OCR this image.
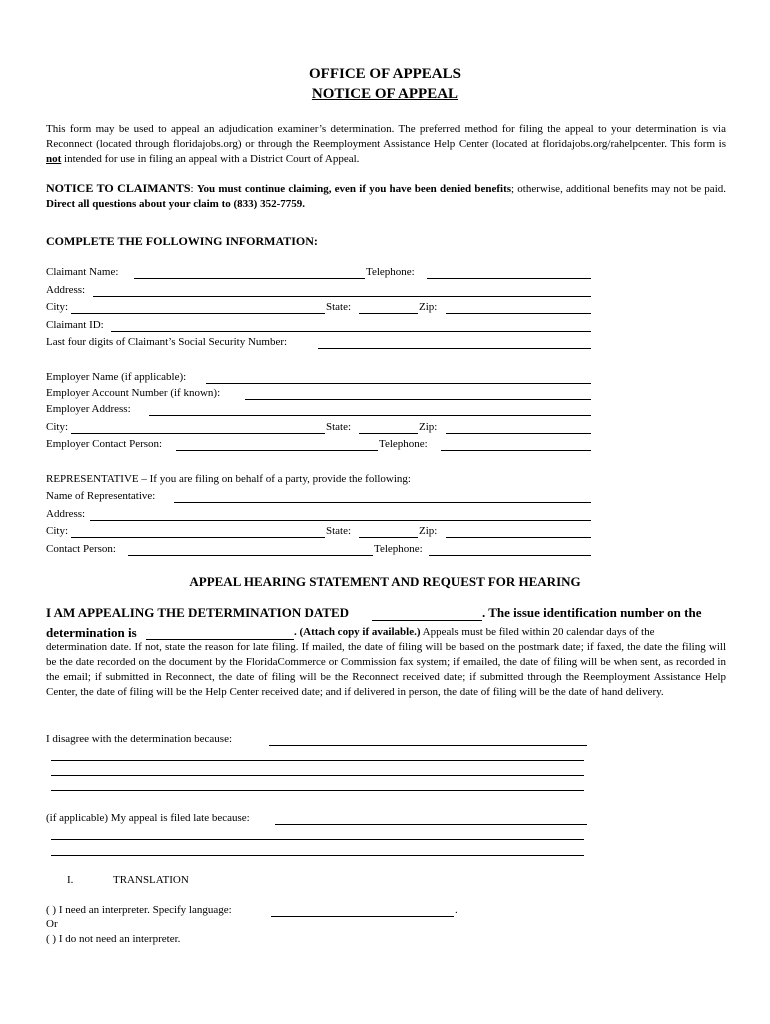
OFFICE OF APPEALS
NOTICE OF APPEAL
This form may be used to appeal an adjudication examiner’s determination. The preferred method for filing the appeal to your determination is via Reconnect (located through floridajobs.org) or through the Reemployment Assistance Help Center (located at floridajobs.org/rahelpcenter. This form is not intended for use in filing an appeal with a District Court of Appeal.
NOTICE TO CLAIMANTS: You must continue claiming, even if you have been denied benefits; otherwise, additional benefits may not be paid. Direct all questions about your claim to (833) 352-7759.
COMPLETE THE FOLLOWING INFORMATION:
Claimant Name:	Telephone:
Address:
City:	State:	Zip:
Claimant ID:
Last four digits of Claimant’s Social Security Number:
Employer Name (if applicable):
Employer Account Number (if known):
Employer Address:
City:	State:	Zip:
Employer Contact Person:	Telephone:
REPRESENTATIVE – If you are filing on behalf of a party, provide the following:
Name of Representative:
Address:
City:	State:	Zip:
Contact Person:	Telephone:
APPEAL HEARING STATEMENT AND REQUEST FOR HEARING
I AM APPEALING THE DETERMINATION DATED	. The issue identification number on the
determination is	. (Attach copy if available.) Appeals must be filed within 20 calendar days of the
determination date. If not, state the reason for late filing. If mailed, the date of filing will be based on the postmark date; if faxed, the date the filing will be the date recorded on the document by the FloridaCommerce or Commission fax system; if emailed, the date of filing will be when sent, as recorded in the email; if submitted in Reconnect, the date of filing will be the Reconnect received date; if submitted through the Reemployment Assistance Help Center, the date of filing will be the Help Center received date; and if delivered in person, the date of filing will be the date of hand delivery.
I disagree with the determination because:
(if applicable) My appeal is filed late because:
I.	TRANSLATION
( ) I need an interpreter. Specify language:	.
Or
( ) I do not need an interpreter.
